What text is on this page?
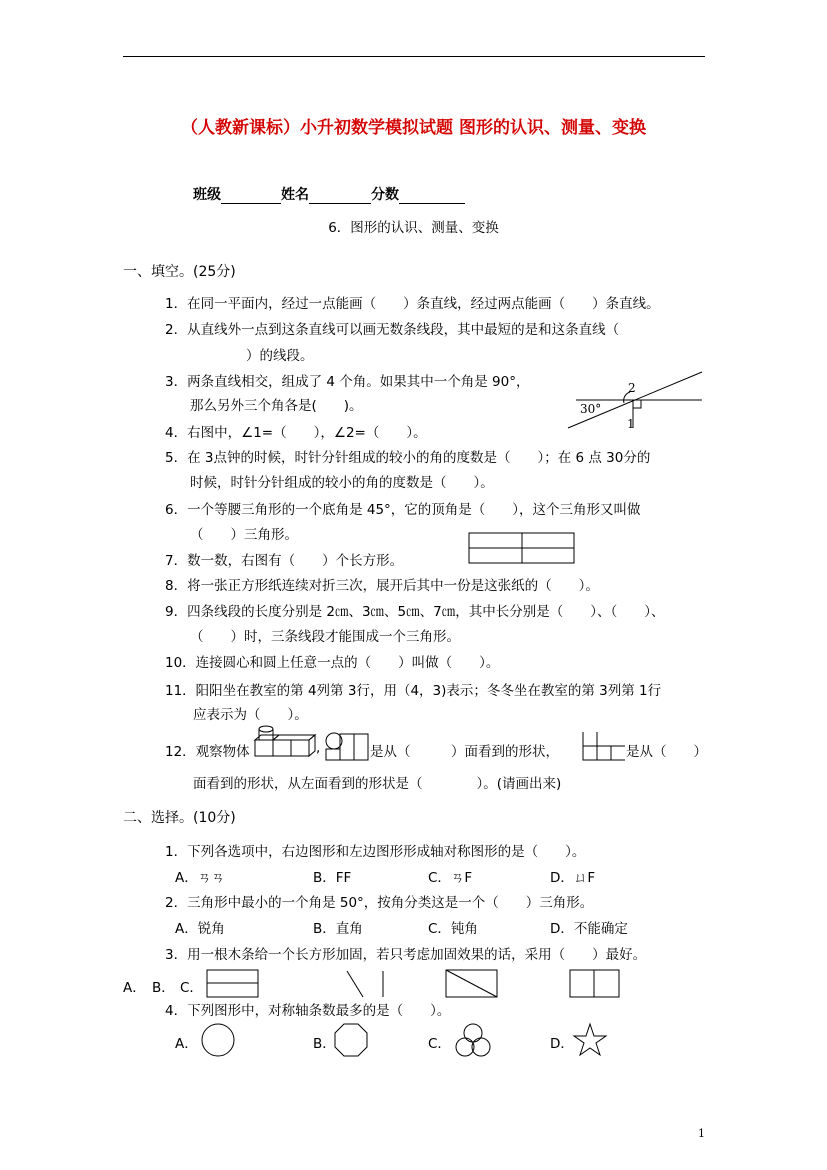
（人教新课标）小升初数学模拟试题 图形的认识、测量、变换
班级	姓名	分数
6．图形的认识、测量、变换
一、填空。(25分)
1．在同一平面内，经过一点能画（　　）条直线，经过两点能画（　　）条直线。
2．从直线外一点到这条直线可以画无数条线段，其中最短的是和这条直线（
　　　　）的线段。
3．两条直线相交，组成了 4 个角。如果其中一个角是 90°，
那么另外三个角各是(　　)。
4．右图中，∠1=（　　），∠2=（　　）。
5．在 3点钟的时候，时针分针组成的较小的角的度数是（　　）；在 6 点 30分的
时候，时针分针组成的较小的角的度数是（　　）。
6．一个等腰三角形的一个底角是 45°，它的顶角是（　　），这个三角形又叫做
（　　）三角形。
7．数一数，右图有（　　）个长方形。
8．将一张正方形纸连续对折三次，展开后其中一份是这张纸的（　　）。
9．四条线段的长度分别是 2㎝、3㎝、5㎝、7㎝，其中长分别是（　　）、（　　）、
（　　）时，三条线段才能围成一个三角形。
10．连接圆心和圆上任意一点的（　　）叫做（　　）。
11．阳阳坐在教室的第 4列第 3行，用（4，3)表示；冬冬坐在教室的第 3列第 1行
应表示为（　　）。
12．观察物体	是从（　　　）面看到的形状，	是从（　　）
面看到的形状，从左面看到的形状是（　　　　）。(请画出来)
30°
1
2
,
二、选择。(10分)
1．下列各选项中，右边图形和左边图形形成轴对称图形的是（　　）。
A．ㄢㄢ	B．FF	C．ㄢF	D．ㄩF
2．三角形中最小的一个角是 50°，按角分类这是一个（　　）三角形。
A．锐角	B．直角	C．钝角	D．不能确定
3．用一根木条给一个长方形加固，若只考虑加固效果的话，采用（　　）最好。
A． B． C．
4．下列图形中，对称轴条数最多的是（　　）。
A．	B．	C．	D．
1
